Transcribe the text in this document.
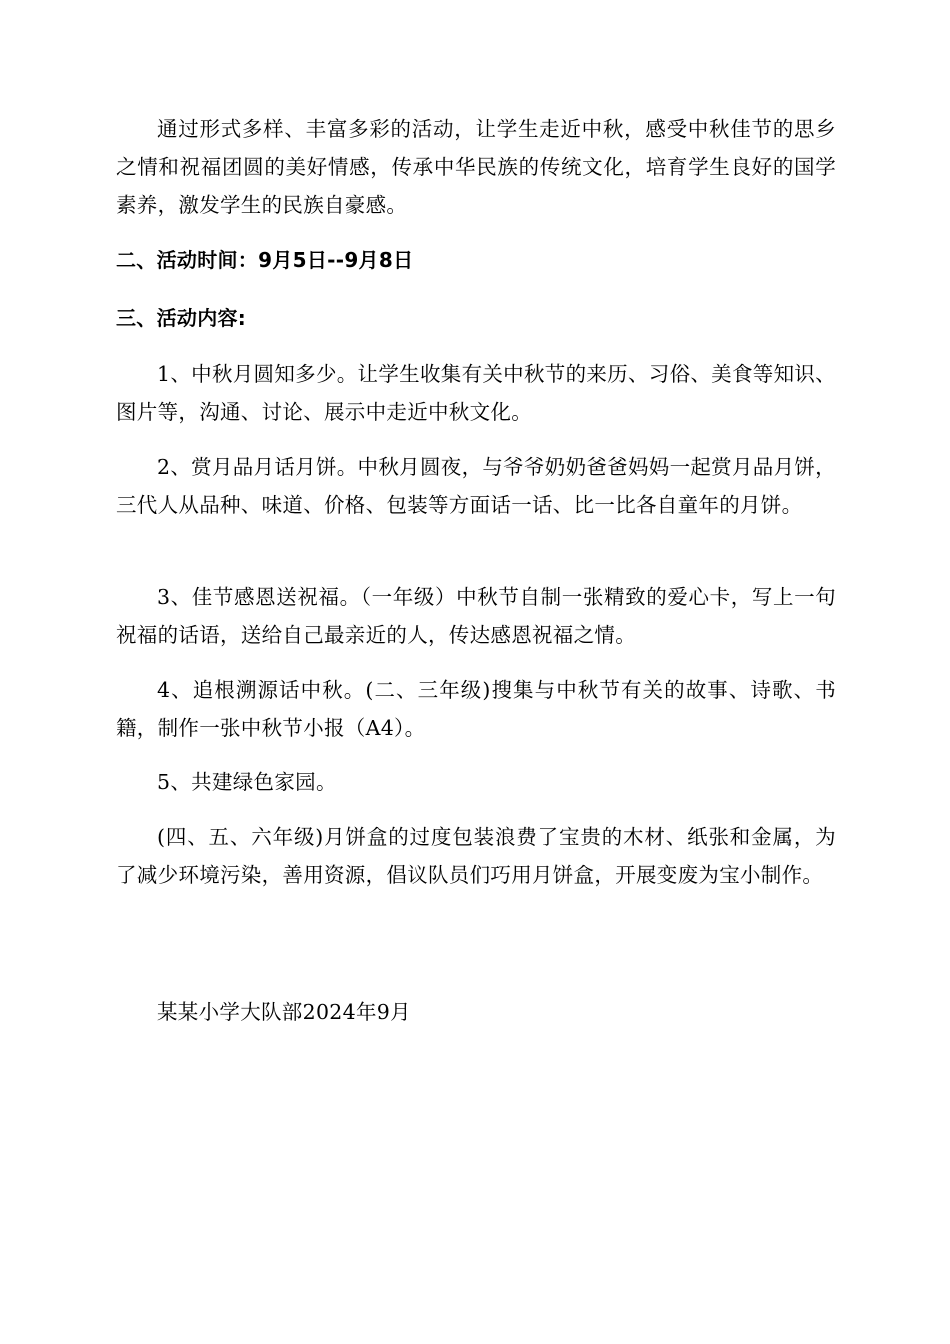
通过形式多样、丰富多彩的活动，让学生走近中秋，感受中秋佳节的思乡之情和祝福团圆的美好情感，传承中华民族的传统文化，培育学生良好的国学素养，激发学生的民族自豪感。

二、活动时间：9月5日--9月8日

三、活动内容:

1、中秋月圆知多少。让学生收集有关中秋节的来历、习俗、美食等知识、图片等，沟通、讨论、展示中走近中秋文化。

2、赏月品月话月饼。中秋月圆夜，与爷爷奶奶爸爸妈妈一起赏月品月饼，三代人从品种、味道、价格、包装等方面话一话、比一比各自童年的月饼。

3、佳节感恩送祝福。（一年级）中秋节自制一张精致的爱心卡，写上一句祝福的话语，送给自己最亲近的人，传达感恩祝福之情。

4、追根溯源话中秋。(二、三年级)搜集与中秋节有关的故事、诗歌、书籍，制作一张中秋节小报（A4）。

5、共建绿色家园。

(四、五、六年级)月饼盒的过度包装浪费了宝贵的木材、纸张和金属，为了减少环境污染，善用资源，倡议队员们巧用月饼盒，开展变废为宝小制作。

某某小学大队部2024年9月
